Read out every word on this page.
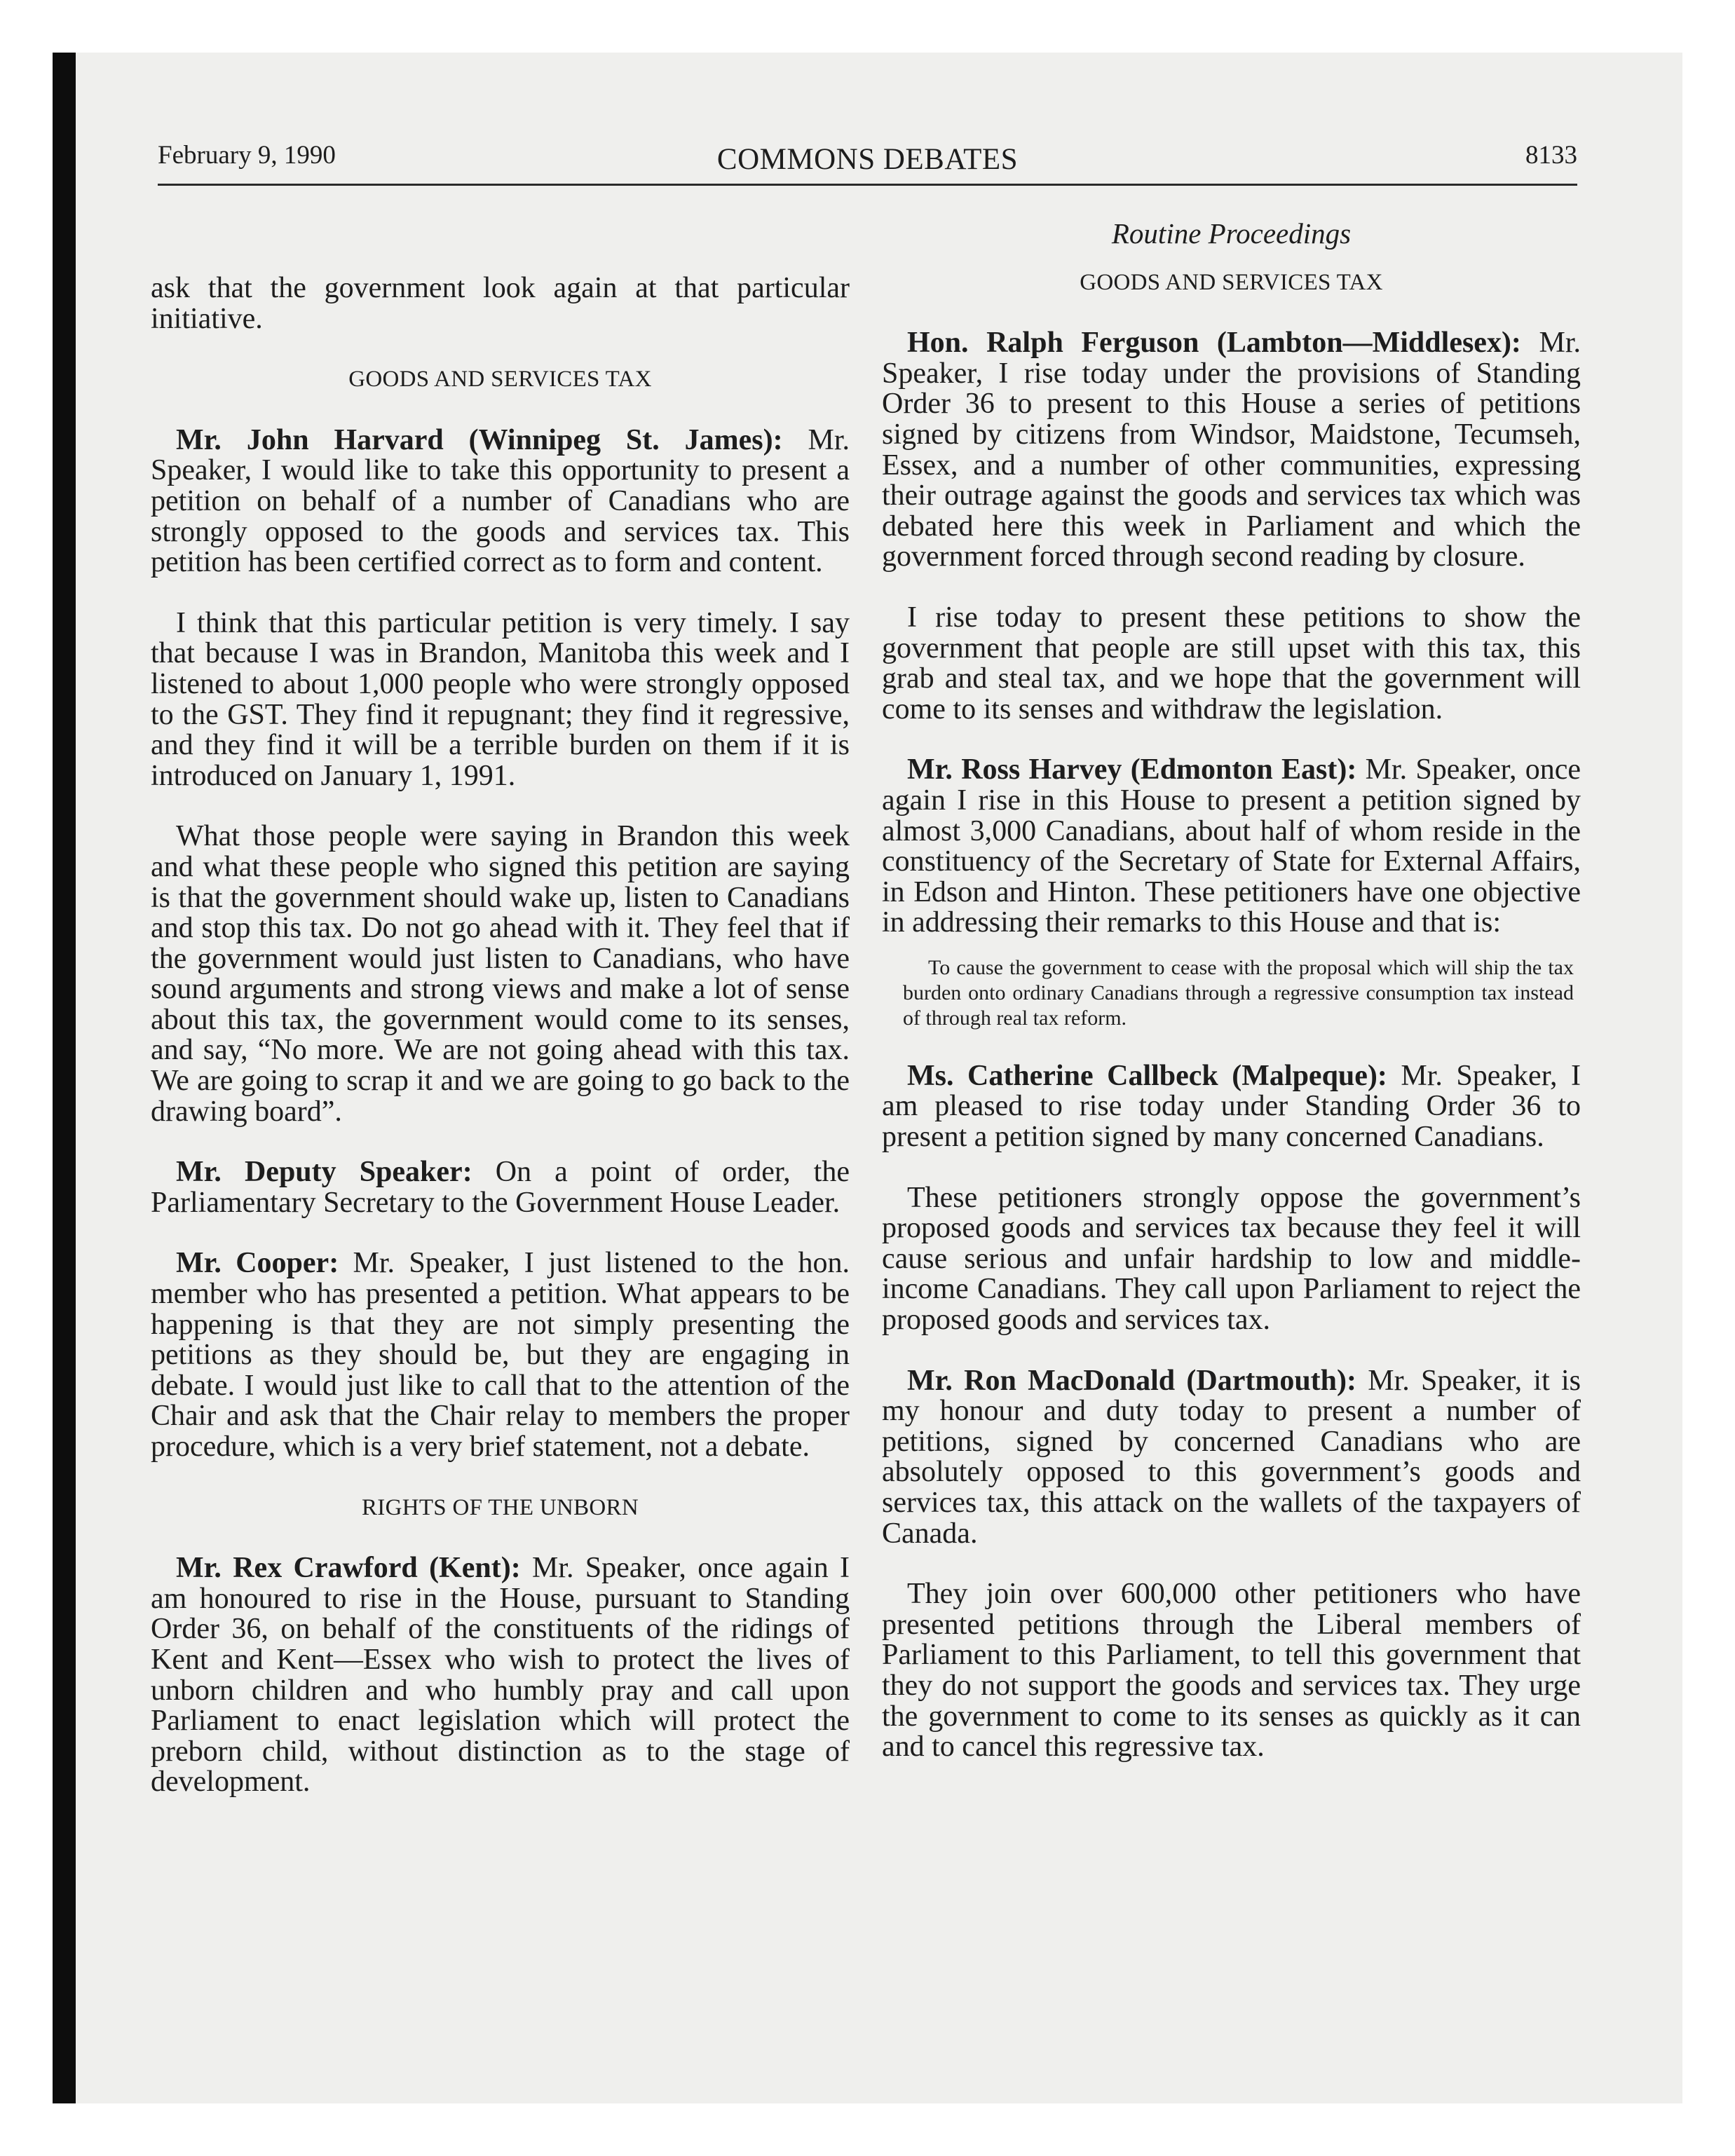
February 9, 1990	COMMONS DEBATES	8133

ask that the government look again at that particular initiative.

GOODS AND SERVICES TAX

Mr. John Harvard (Winnipeg St. James): Mr. Speaker, I would like to take this opportunity to present a petition on behalf of a number of Canadians who are strongly opposed to the goods and services tax. This petition has been certified correct as to form and content.

I think that this particular petition is very timely. I say that because I was in Brandon, Manitoba this week and I listened to about 1,000 people who were strongly opposed to the GST. They find it repugnant; they find it regressive, and they find it will be a terrible burden on them if it is introduced on January 1, 1991.

What those people were saying in Brandon this week and what these people who signed this petition are saying is that the government should wake up, listen to Canadians and stop this tax. Do not go ahead with it. They feel that if the government would just listen to Canadians, who have sound arguments and strong views and make a lot of sense about this tax, the government would come to its senses, and say, “No more. We are not going ahead with this tax. We are going to scrap it and we are going to go back to the drawing board”.

Mr. Deputy Speaker: On a point of order, the Parliamentary Secretary to the Government House Leader.

Mr. Cooper: Mr. Speaker, I just listened to the hon. member who has presented a petition. What appears to be happening is that they are not simply presenting the petitions as they should be, but they are engaging in debate. I would just like to call that to the attention of the Chair and ask that the Chair relay to members the proper procedure, which is a very brief statement, not a debate.

RIGHTS OF THE UNBORN

Mr. Rex Crawford (Kent): Mr. Speaker, once again I am honoured to rise in the House, pursuant to Standing Order 36, on behalf of the constituents of the ridings of Kent and Kent—Essex who wish to protect the lives of unborn children and who humbly pray and call upon Parliament to enact legislation which will protect the preborn child, without distinction as to the stage of development.

Routine Proceedings

GOODS AND SERVICES TAX

Hon. Ralph Ferguson (Lambton—Middlesex): Mr. Speaker, I rise today under the provisions of Standing Order 36 to present to this House a series of petitions signed by citizens from Windsor, Maidstone, Tecumseh, Essex, and a number of other communities, expressing their outrage against the goods and services tax which was debated here this week in Parliament and which the government forced through second reading by closure.

I rise today to present these petitions to show the government that people are still upset with this tax, this grab and steal tax, and we hope that the government will come to its senses and withdraw the legislation.

Mr. Ross Harvey (Edmonton East): Mr. Speaker, once again I rise in this House to present a petition signed by almost 3,000 Canadians, about half of whom reside in the constituency of the Secretary of State for External Affairs, in Edson and Hinton. These petitioners have one objective in addressing their remarks to this House and that is:

To cause the government to cease with the proposal which will ship the tax burden onto ordinary Canadians through a regressive consumption tax instead of through real tax reform.

Ms. Catherine Callbeck (Malpeque): Mr. Speaker, I am pleased to rise today under Standing Order 36 to present a petition signed by many concerned Canadians.

These petitioners strongly oppose the government’s proposed goods and services tax because they feel it will cause serious and unfair hardship to low and middle-income Canadians. They call upon Parliament to reject the proposed goods and services tax.

Mr. Ron MacDonald (Dartmouth): Mr. Speaker, it is my honour and duty today to present a number of petitions, signed by concerned Canadians who are absolutely opposed to this government’s goods and services tax, this attack on the wallets of the taxpayers of Canada.

They join over 600,000 other petitioners who have presented petitions through the Liberal members of Parliament to this Parliament, to tell this government that they do not support the goods and services tax. They urge the government to come to its senses as quickly as it can and to cancel this regressive tax.
